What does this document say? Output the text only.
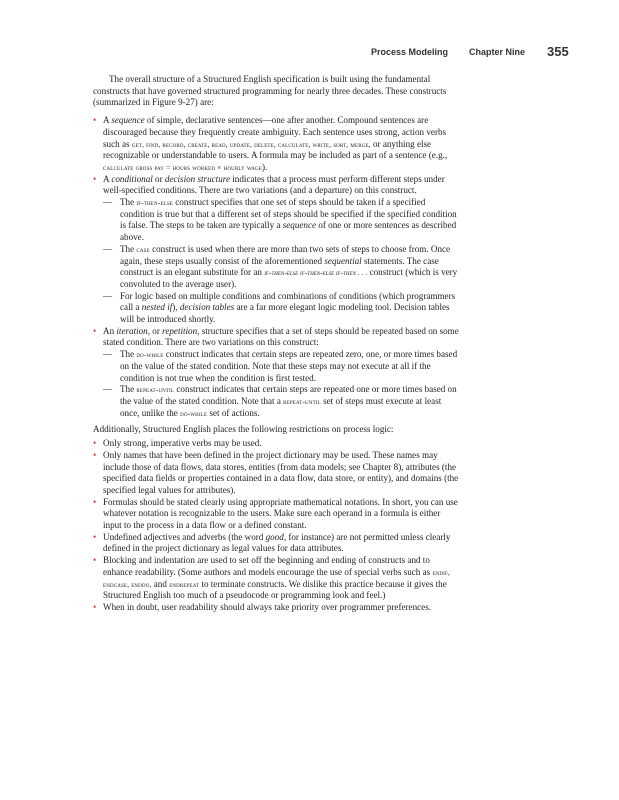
Process Modeling Chapter Nine 355

The overall structure of a Structured English specification is built using the fundamental constructs that have governed structured programming for nearly three decades. These constructs (summarized in Figure 9-27) are:

• A sequence of simple, declarative sentences—one after another. Compound sentences are discouraged because they frequently create ambiguity. Each sentence uses strong, action verbs such as get, find, record, create, read, update, delete, calculate, write, sort, merge, or anything else recognizable or understandable to users. A formula may be included as part of a sentence (e.g., calculate gross pay = hours worked × hourly wage).
• A conditional or decision structure indicates that a process must perform different steps under well-specified conditions. There are two variations (and a departure) on this construct.
— The if-then-else construct specifies that one set of steps should be taken if a specified condition is true but that a different set of steps should be specified if the specified condition is false. The steps to be taken are typically a sequence of one or more sentences as described above.
— The case construct is used when there are more than two sets of steps to choose from. Once again, these steps usually consist of the aforementioned sequential statements. The case construct is an elegant substitute for an if-then-else if-then-else if-then . . . construct (which is very convoluted to the average user).
— For logic based on multiple conditions and combinations of conditions (which programmers call a nested if), decision tables are a far more elegant logic modeling tool. Decision tables will be introduced shortly.
• An iteration, or repetition, structure specifies that a set of steps should be repeated based on some stated condition. There are two variations on this construct:
— The do-while construct indicates that certain steps are repeated zero, one, or more times based on the value of the stated condition. Note that these steps may not execute at all if the condition is not true when the condition is first tested.
— The repeat-until construct indicates that certain steps are repeated one or more times based on the value of the stated condition. Note that a repeat-until set of steps must execute at least once, unlike the do-while set of actions.

Additionally, Structured English places the following restrictions on process logic:

• Only strong, imperative verbs may be used.
• Only names that have been defined in the project dictionary may be used. These names may include those of data flows, data stores, entities (from data models; see Chapter 8), attributes (the specified data fields or properties contained in a data flow, data store, or entity), and domains (the specified legal values for attributes).
• Formulas should be stated clearly using appropriate mathematical notations. In short, you can use whatever notation is recognizable to the users. Make sure each operand in a formula is either input to the process in a data flow or a defined constant.
• Undefined adjectives and adverbs (the word good, for instance) are not permitted unless clearly defined in the project dictionary as legal values for data attributes.
• Blocking and indentation are used to set off the beginning and ending of constructs and to enhance readability. (Some authors and models encourage the use of special verbs such as endif, endcase, enddo, and endrepeat to terminate constructs. We dislike this practice because it gives the Structured English too much of a pseudocode or programming look and feel.)
• When in doubt, user readability should always take priority over programmer preferences.
